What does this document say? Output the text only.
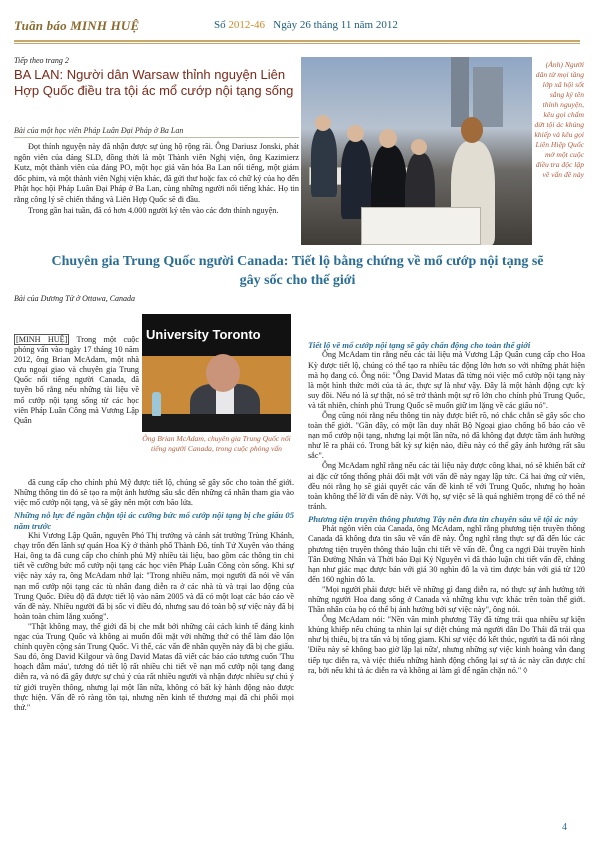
Tuần báo MINH HUỆ	Số 2012-46 Ngày 26 tháng 11 năm 2012
Tiếp theo trang 2
BA LAN: Người dân Warsaw thỉnh nguyện Liên Hợp Quốc điều tra tội ác mổ cướp nội tạng sống
Bài của một học viên Pháp Luân Đại Pháp ở Ba Lan

Đọt thỉnh nguyện này đã nhận được sự ủng hộ rộng rãi. Ông Dariusz Jonski, phát ngôn viên của đảng SLD, đồng thời là một Thành viên Nghị viện, ông Kazimierz Kutz, một thành viên của đảng PO, một học giả văn hóa Ba Lan nổi tiếng, một giám đốc phim, và một thành viên Nghị viện khác, đã gửi thư hoặc fax có chữ ký của họ đến Phật học hội Pháp Luân Đại Pháp ở Ba Lan, cùng những người nổi tiếng khác. Họ tin rằng công lý sẽ chiến thắng và Liên Hợp Quốc sẽ đi đầu.

Trong gần hai tuần, đã có hơn 4.000 người ký tên vào các đơn thỉnh nguyện.

(Ảnh) Người dân từ mọi tầng lớp xã hội sốt sắng ký tên thỉnh nguyện, kêu gọi chấm dứt tội ác khủng khiếp và kêu gọi Liên Hiệp Quốc mở một cuộc điều tra độc lập về vấn đề này
Chuyên gia Trung Quốc người Canada: Tiết lộ bằng chứng về mổ cướp nội tạng sẽ gây sốc cho thế giới
Bài của Dương Tử ở Ottawa, Canada
[MINH HUỆ] Trong một cuộc phỏng vấn vào ngày 17 tháng 10 năm 2012, ông Brian McAdam, một nhà cựu ngoại giao và chuyên gia Trung Quốc nổi tiếng người Canada, đã tuyên bố rằng nếu những tài liệu về mổ cướp nội tạng sống từ các học viên Pháp Luân Công mà Vương Lập Quân
University Toronto
Ông Brian McAdam, chuyên gia Trung Quốc nổi tiếng người Canada, trong cuộc phỏng vấn

đã cung cấp cho chính phủ Mỹ được tiết lộ, chúng sẽ gây sốc cho toàn thế giới. Những thông tin đó sẽ tạo ra một ảnh hưởng sâu sắc đến những cá nhân tham gia vào việc mổ cướp nội tạng, và sẽ gây nên một cơn bão lửa.

Những nỗ lực để ngăn chặn tội ác cưỡng bức mổ cướp nội tạng bị che giấu 05 năm trước

Khi Vương Lập Quân, nguyên Phó Thị trưởng và cảnh sát trưởng Trùng Khánh, chạy trốn đến lãnh sự quán Hoa Kỳ ở thành phố Thành Đô, tỉnh Tứ Xuyên vào tháng Hai, ông ta đã cung cấp cho chính phủ Mỹ nhiều tài liệu, bao gồm các thông tin chi tiết về cưỡng bức mổ cướp nội tạng các học viên Pháp Luân Công còn sống. Khi sự việc này xảy ra, ông McAdam nhớ lại: "Trong nhiều năm, mọi người đã nói về vấn nạn mổ cướp nội tạng các tù nhân đang diễn ra ở các nhà tù và trại lao động của Trung Quốc. Điều độ đã được tiết lộ vào năm 2005 và đã có một loạt các báo cáo về vấn đề này. Nhiều người đã bị sốc vì điều đó, nhưng sau đó toàn bộ sự việc này đã bị hoàn toàn chìm lắng xuống".

"Thật không may, thế giới đã bị che mắt bởi những cái cách kinh tế đáng kinh ngạc của Trung Quốc và không ai muốn đối mặt với những thứ có thể làm đảo lộn chính quyền cộng sản Trung Quốc. Vì thế, các vấn đề nhân quyền này đã bị che giấu. Sau đó, ông David Kilgour và ông David Matas đã viết các báo cáo tương cuốn 'Thu hoạch đẫm máu', tương đó tiết lộ rất nhiều chi tiết về nạn mổ cướp nội tạng đang diễn ra, và nó đã gây được sự chú ý của rất nhiều người và nhận được nhiều sự chú ý từ giới truyền thông, nhưng lại một lần nữa, không có bất kỳ hành động nào được thực hiện. Vấn đề rõ ràng tồn tại, nhưng nền kinh tế thương mại đã chi phối mọi thứ."

Tiết lộ về mổ cướp nội tạng sẽ gây chấn động cho toàn thế giới

Ông McAdam tin rằng nếu các tài liệu mà Vương Lập Quân cung cấp cho Hoa Kỳ được tiết lộ, chúng có thể tạo ra nhiều tác động lớn hơn so với những phát hiện mà họ đang có. Ông nói: "Ông David Matas đã từng nói việc mổ cướp nội tạng này là một hình thức mới của tà ác, thực sự là như vậy. Đây là một hành động cực kỳ suy đồi. Nếu nó là sự thật, nó sẽ trở thành một sự rõ lớn cho chính phủ Trung Quốc, và tất nhiên, chính phủ Trung Quốc sẽ muốn giữ im lặng về các giấu nó".

Ông cũng nói rằng nếu thông tin này được biết rõ, nó chắc chắn sẽ gây sốc cho toàn thế giới. "Gần đây, có một lần duy nhất Bộ Ngoại giao chống bố báo cáo về nạn mổ cướp nội tạng, nhưng lại một lần nữa, nó đã không đạt được tầm ảnh hưởng như lẽ ra phải có. Trong bất kỳ sự kiện nào, điều này có thể gây ảnh hưởng rất sâu sắc".

Ông McAdam nghĩ rằng nếu các tài liệu này được công khai, nó sẽ khiến bất cứ ai đặc cử tổng thống phải đối mặt với vấn đề này ngay lập tức. Cả hai ứng cử viên, đều nói rằng họ sẽ giải quyết các vấn đề kinh tế với Trung Quốc, nhưng họ hoàn toàn không thể lờ đi vấn đề này. Với họ, sự việc sẽ là quá nghiêm trọng để có thể né tránh.

Phương tiện truyền thông phương Tây nên đưa tin chuyên sâu về tội ác này

Phát ngôn viên của Canada, ông McAdam, nghĩ rằng phương tiện truyền thông Canada đã không đưa tin sâu về vấn đề này. Ông nghĩ rằng thực sự đã đến lúc các phương tiện truyền thông thảo luận chi tiết về vấn đề. Ông ca ngợi Đài truyền hình Tân Đường Nhân và Thời báo Đại Kỷ Nguyên vì đã thảo luận chi tiết vấn đề, chẳng hạn như giác mạc được bán với giá 30 nghìn đô la và tim được bán với giá từ 120 đến 160 nghìn đô la.

"Mọi người phải được biết về những gì đang diễn ra, nó thực sự ảnh hưởng tới những người Hoa đang sống ở Canada và những khu vực khác trên toàn thế giới. Thần nhân của họ có thể bị ảnh hưởng bởi sự việc này", ông nói.

Ông McAdam nói: "Nền văn minh phương Tây đã từng trải qua nhiều sự kiện khủng khiếp nếu chúng ta nhìn lại sự diệt chủng mà người dân Do Thái đã trải qua như bị thiêu, bị tra tấn và bị tống giam. Khi sự việc đó kết thúc, người ta đã nói rằng 'Điều này sẽ không bao giờ lặp lại nữa', nhưng những sự việc kinh hoàng vẫn đang tiếp tục diễn ra, và việc thiếu những hành động chống lại sự tà ác này cần được chỉ ra, bởi nếu khi tà ác diễn ra và không ai làm gì để ngăn chặn nó." ◊

4
